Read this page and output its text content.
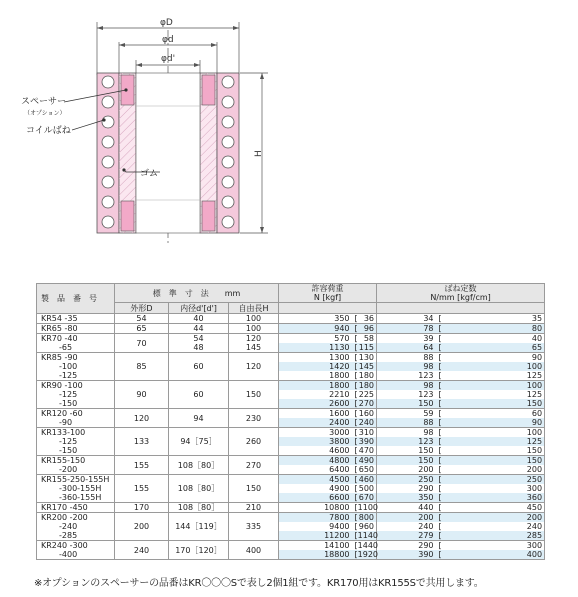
φD
φd
φd'
H
スペーサー
（オプション）
コイルばね
ゴム
製　品　番　号	標　準　寸　法　　mm			許容荷重
N [kgf]		ばね定数
N/mm [kgf/cm]	
	外形D	内径d'[d']	自由長H				
KR54 -35	54	40	100	350	[ 36	34	[ 35
KR65 -80	65	44	100	940	[ 96	78	[ 80
KR70 -40	70	54	120	570	[ 58	39	[ 40
-65		48	145	1130	[ 115	64	[ 65
KR85 -90	85	60	120	1300	[ 130	88	[ 90
-100				1420	[ 145	98	[ 100
-125				1800	[ 180	123	[ 125
KR90 -100	90	60	150	1800	[ 180	98	[ 100
-125				2210	[ 225	123	[ 125
-150				2600	[ 270	150	[ 150
KR120 -60	120	94	230	1600	[ 160	59	[ 60
-90				2400	[ 240	88	[ 90
KR133-100	133	94［75］	260	3000	[ 310	98	[ 100
-125				3800	[ 390	123	[ 125
-150				4600	[ 470	150	[ 150
KR155-150	155	108［80］	270	4800	[ 490	150	[ 150
-200				6400	[ 650	200	[ 200
KR155-250-155H	155	108［80］	150	4500	[ 460	250	[ 250
-300-155H				4900	[ 500	290	[ 300
-360-155H				6600	[ 670	350	[ 360
KR170 -450	170	108［80］	210	10800	[ 1100	440	[ 450
KR200 -200	200	144［119］	335	7800	[ 800	200	[ 200
-240				9400	[ 960	240	[ 240
-285				11200	[ 1140	279	[ 285
KR240 -300	240	170［120］	400	14100	[ 1440	290	[ 300
-400				18800	[ 1920	390	[ 400
※オプションのスペーサーの品番はKR〇〇〇Sで表し2個1組です。KR170用はKR155Sで共用します。
